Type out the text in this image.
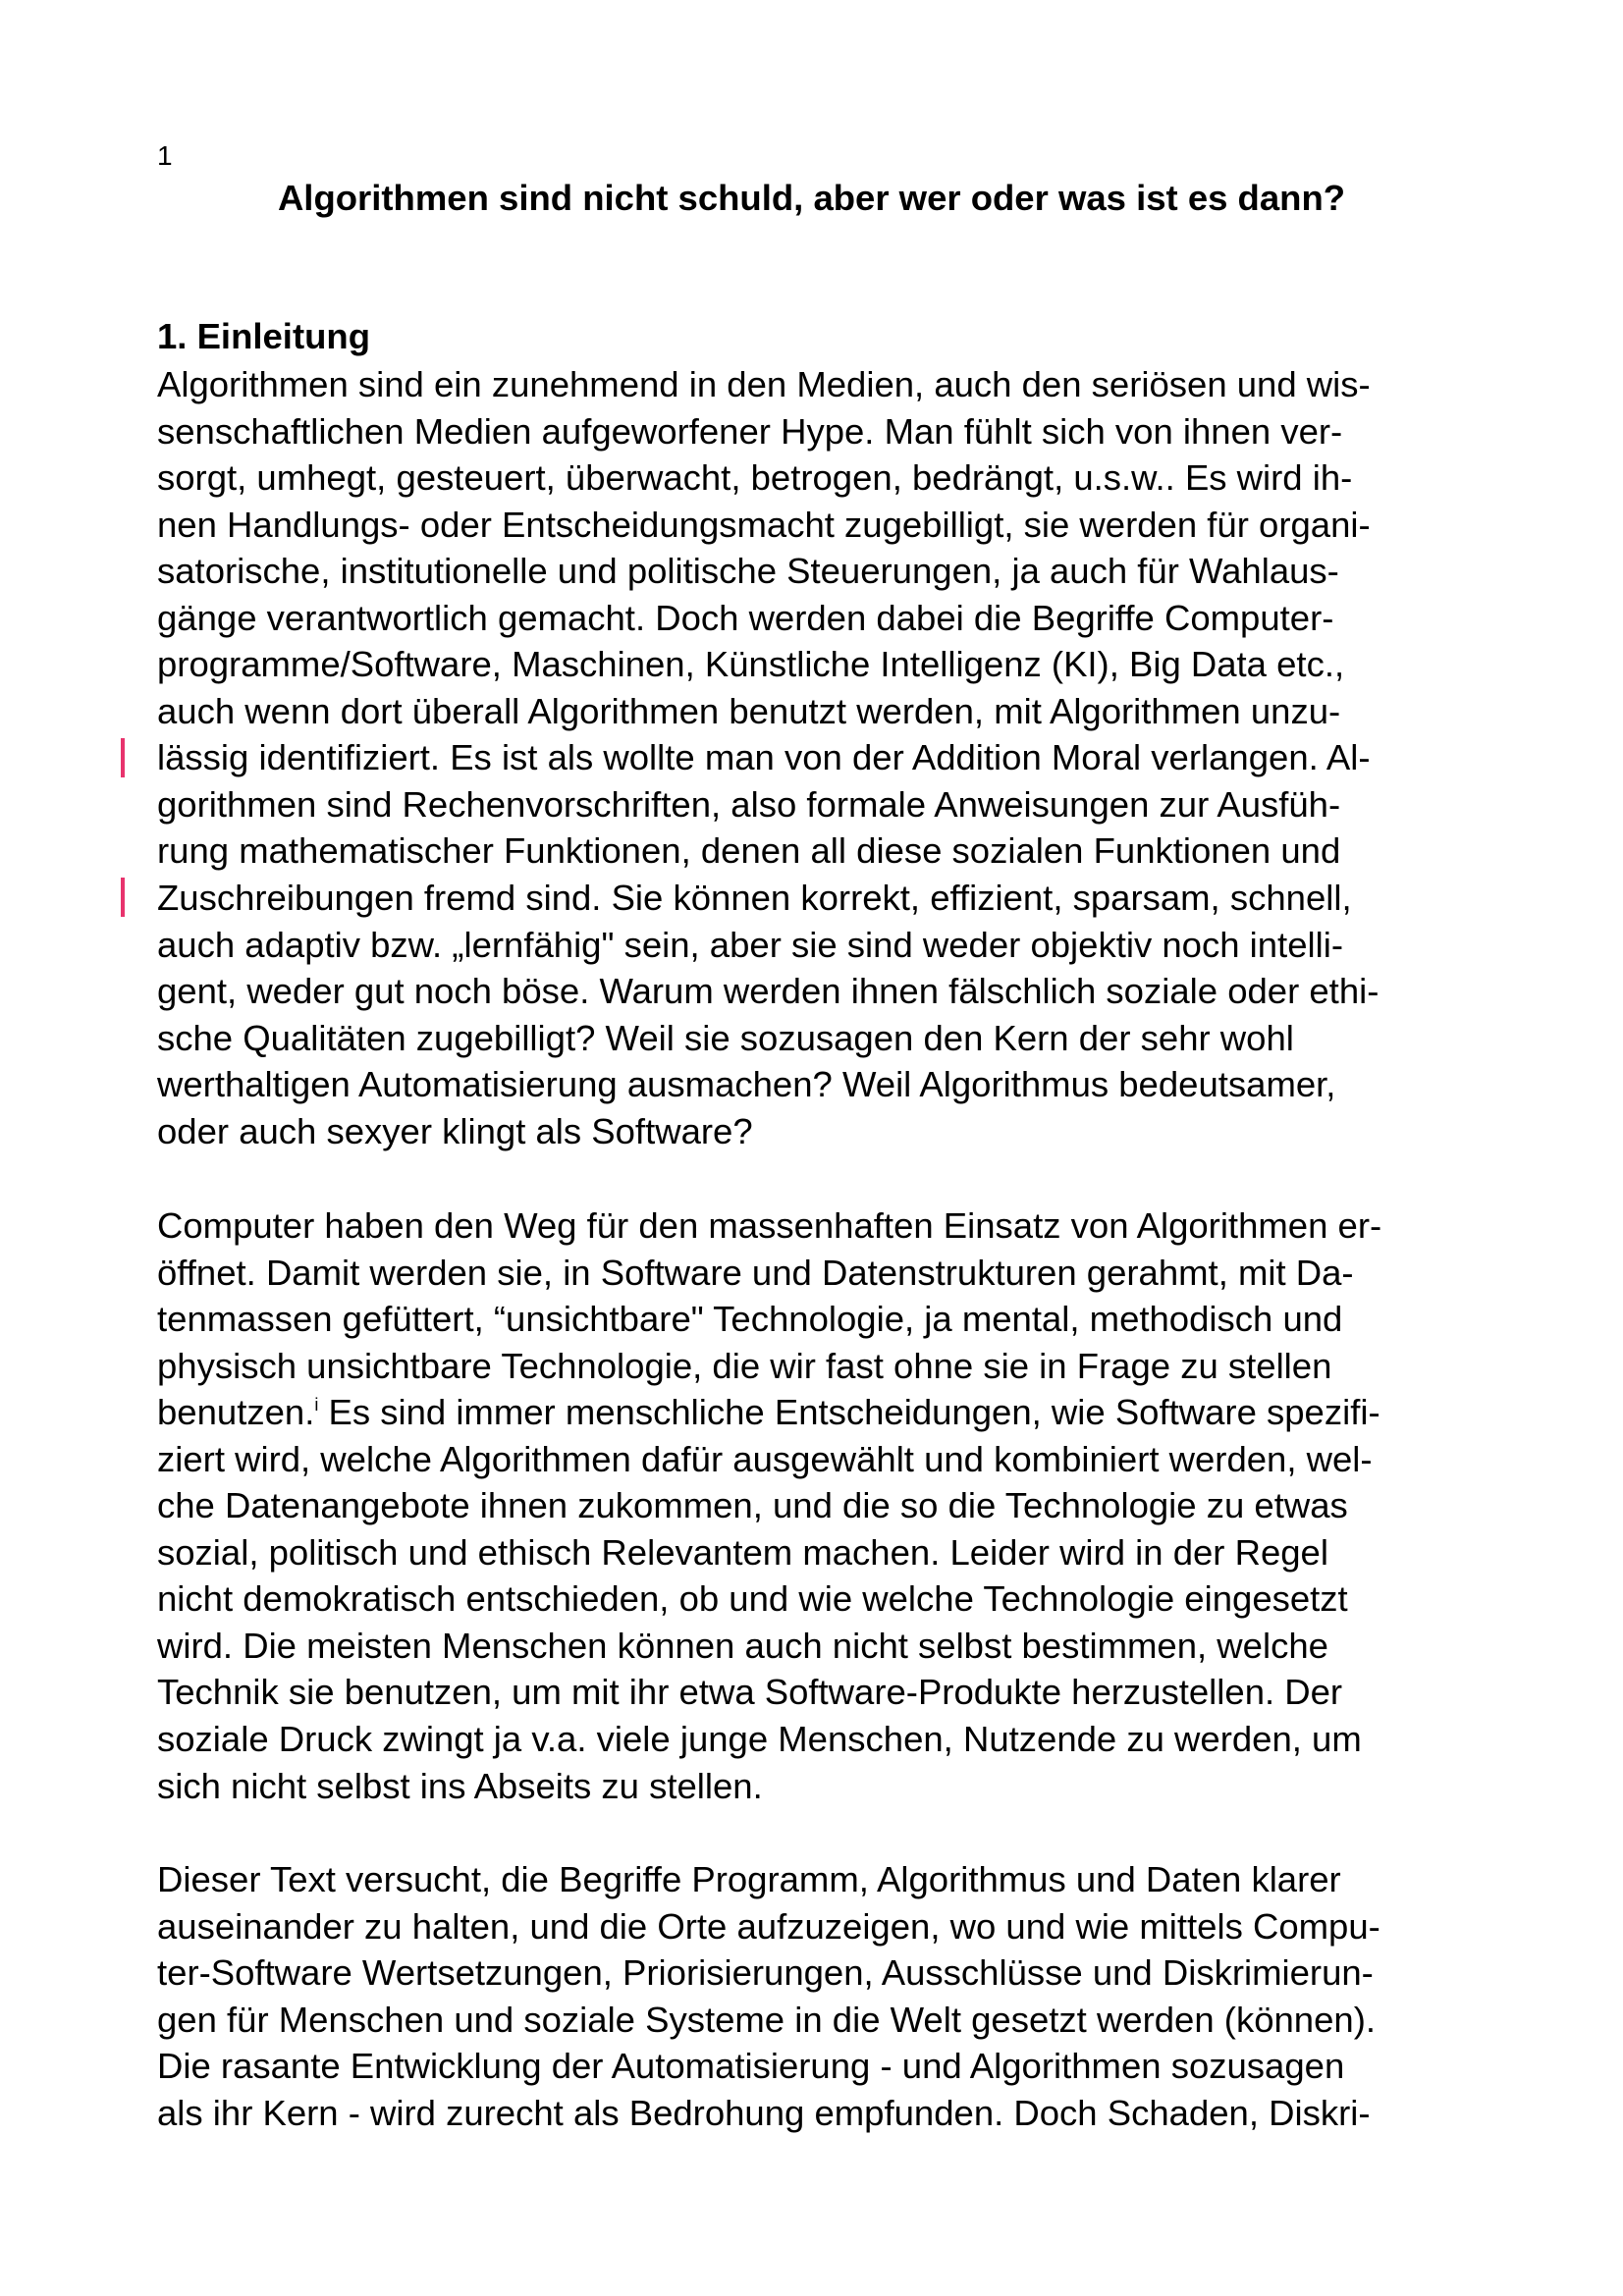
1
Algorithmen sind nicht schuld, aber wer oder was ist es dann?
1. Einleitung

Algorithmen sind ein zunehmend in den Medien, auch den seriösen und wis-
senschaftlichen Medien aufgeworfener Hype. Man fühlt sich von ihnen ver-
sorgt, umhegt, gesteuert, überwacht, betrogen, bedrängt, u.s.w.. Es wird ih-
nen Handlungs- oder Entscheidungsmacht zugebilligt, sie werden für organi-
satorische, institutionelle und politische Steuerungen, ja auch für Wahlaus-
gänge verantwortlich gemacht. Doch werden dabei die Begriffe Computer-
programme/Software, Maschinen, Künstliche Intelligenz (KI), Big Data etc.,
auch wenn dort überall Algorithmen benutzt werden, mit Algorithmen unzu-
lässig identifiziert. Es ist als wollte man von der Addition Moral verlangen. Al-
gorithmen sind Rechenvorschriften, also formale Anweisungen zur Ausfüh-
rung mathematischer Funktionen, denen all diese sozialen Funktionen und
Zuschreibungen fremd sind. Sie können korrekt, effizient, sparsam, schnell,
auch adaptiv bzw. „lernfähig" sein, aber sie sind weder objektiv noch intelli-
gent, weder gut noch böse. Warum werden ihnen fälschlich soziale oder ethi-
sche Qualitäten zugebilligt? Weil sie sozusagen den Kern der sehr wohl
werthaltigen Automatisierung ausmachen? Weil Algorithmus bedeutsamer,
oder auch sexyer klingt als Software?

Computer haben den Weg für den massenhaften Einsatz von Algorithmen er-
öffnet. Damit werden sie, in Software und Datenstrukturen gerahmt, mit Da-
tenmassen gefüttert, “unsichtbare" Technologie, ja mental, methodisch und
physisch unsichtbare Technologie, die wir fast ohne sie in Frage zu stellen
benutzen.$^i$ Es sind immer menschliche Entscheidungen, wie Software spezifi-
ziert wird, welche Algorithmen dafür ausgewählt und kombiniert werden, wel-
che Datenangebote ihnen zukommen, und die so die Technologie zu etwas
sozial, politisch und ethisch Relevantem machen. Leider wird in der Regel
nicht demokratisch entschieden, ob und wie welche Technologie eingesetzt
wird. Die meisten Menschen können auch nicht selbst bestimmen, welche
Technik sie benutzen, um mit ihr etwa Software-Produkte herzustellen. Der
soziale Druck zwingt ja v.a. viele junge Menschen, Nutzende zu werden, um
sich nicht selbst ins Abseits zu stellen.

Dieser Text versucht, die Begriffe Programm, Algorithmus und Daten klarer
auseinander zu halten, und die Orte aufzuzeigen, wo und wie mittels Compu-
ter-Software Wertsetzungen, Priorisierungen, Ausschlüsse und Diskrimierun-
gen für Menschen und soziale Systeme in die Welt gesetzt werden (können).
Die rasante Entwicklung der Automatisierung - und Algorithmen sozusagen
als ihr Kern - wird zurecht als Bedrohung empfunden. Doch Schaden, Diskri-
